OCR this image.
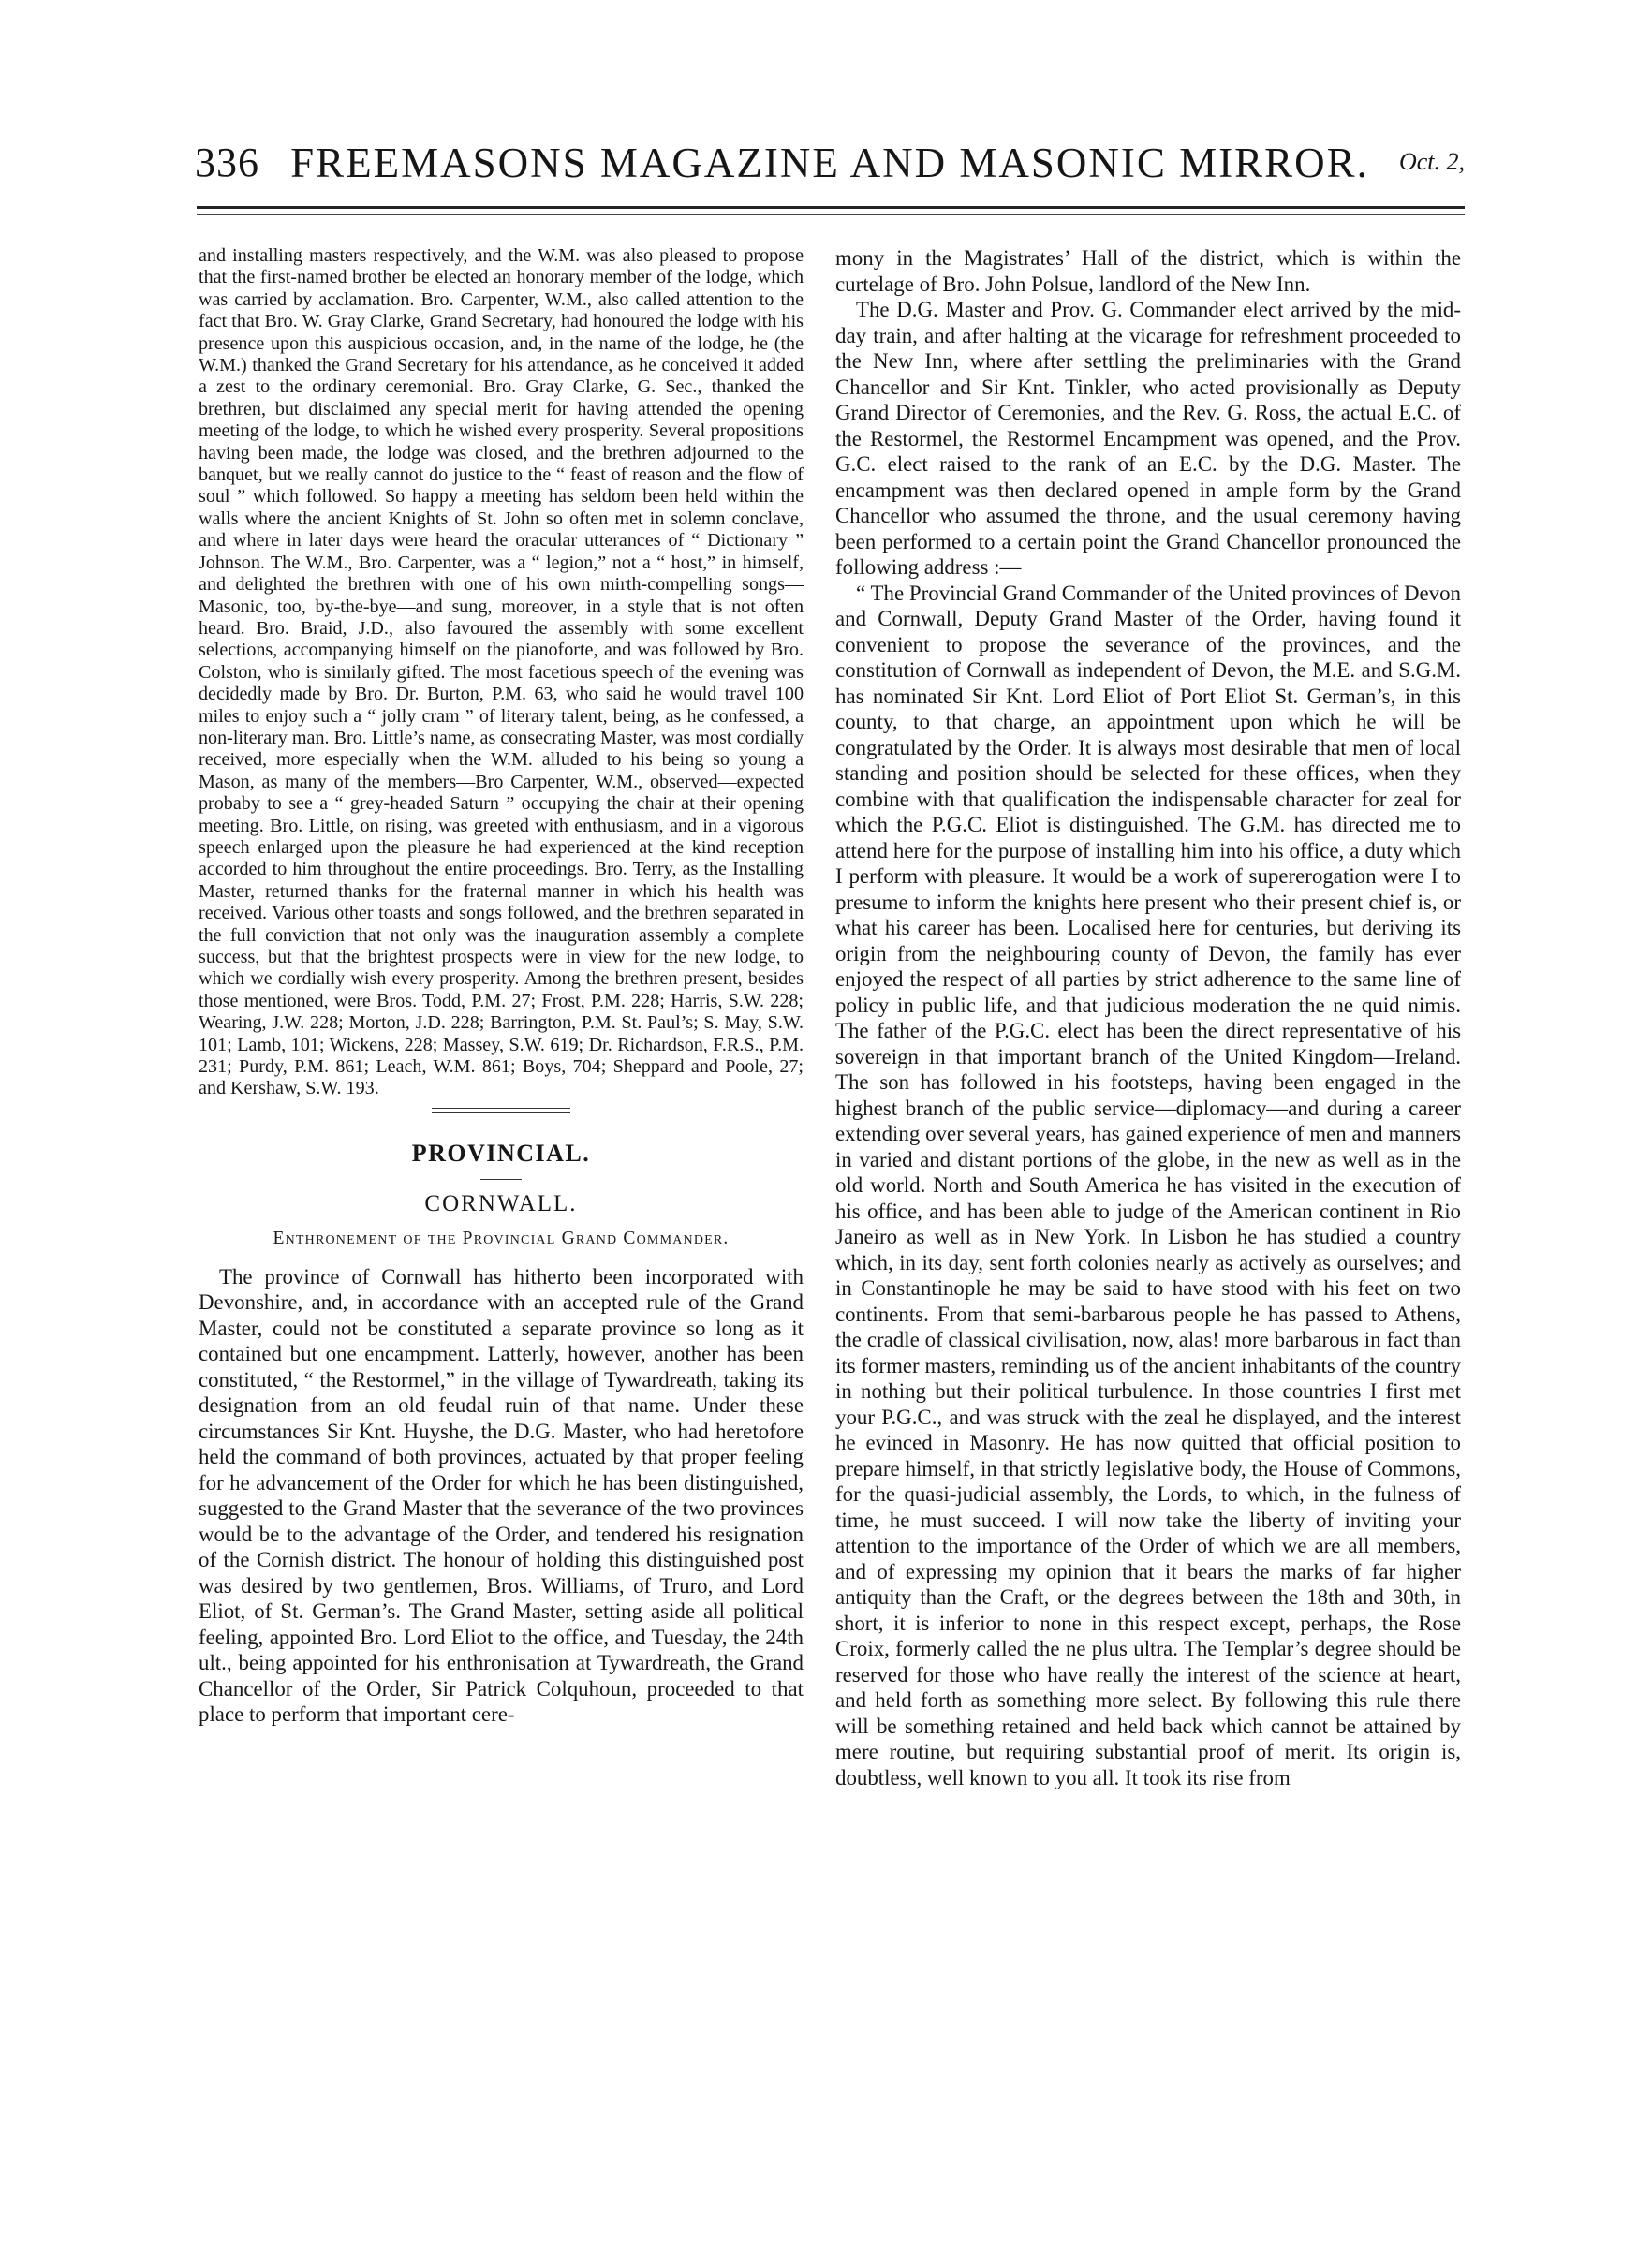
336 FREEMASONS MAGAZINE AND MASONIC MIRROR.	Oct. 2,

and installing masters respectively, and the W.M. was also pleased to propose that the first-named brother be elected an honorary member of the lodge, which was carried by acclamation. Bro. Carpenter, W.M., also called attention to the fact that Bro. W. Gray Clarke, Grand Secretary, had honoured the lodge with his presence upon this auspicious occasion, and, in the name of the lodge, he (the W.M.) thanked the Grand Secretary for his attendance, as he conceived it added a zest to the ordinary ceremonial. Bro. Gray Clarke, G. Sec., thanked the brethren, but disclaimed any special merit for having attended the opening meeting of the lodge, to which he wished every prosperity. Several propositions having been made, the lodge was closed, and the brethren adjourned to the banquet, but we really cannot do justice to the “ feast of reason and the flow of soul ” which followed. So happy a meeting has seldom been held within the walls where the ancient Knights of St. John so often met in solemn conclave, and where in later days were heard the oracular utterances of “ Dictionary ” Johnson. The W.M., Bro. Carpenter, was a “ legion,” not a “ host,” in himself, and delighted the brethren with one of his own mirth-compelling songs—Masonic, too, by-the-bye—and sung, moreover, in a style that is not often heard. Bro. Braid, J.D., also favoured the assembly with some excellent selections, accompanying himself on the pianoforte, and was followed by Bro. Colston, who is similarly gifted. The most facetious speech of the evening was decidedly made by Bro. Dr. Burton, P.M. 63, who said he would travel 100 miles to enjoy such a “ jolly cram ” of literary talent, being, as he confessed, a non-literary man. Bro. Little’s name, as consecrating Master, was most cordially received, more especially when the W.M. alluded to his being so young a Mason, as many of the members—Bro Carpenter, W.M., observed—expected probaby to see a “ grey-headed Saturn ” occupying the chair at their opening meeting. Bro. Little, on rising, was greeted with enthusiasm, and in a vigorous speech enlarged upon the pleasure he had experienced at the kind reception accorded to him throughout the entire proceedings. Bro. Terry, as the Installing Master, returned thanks for the fraternal manner in which his health was received. Various other toasts and songs followed, and the brethren separated in the full conviction that not only was the inauguration assembly a complete success, but that the brightest prospects were in view for the new lodge, to which we cordially wish every prosperity. Among the brethren present, besides those mentioned, were Bros. Todd, P.M. 27; Frost, P.M. 228; Harris, S.W. 228; Wearing, J.W. 228; Morton, J.D. 228; Barrington, P.M. St. Paul’s; S. May, S.W. 101; Lamb, 101; Wickens, 228; Massey, S.W. 619; Dr. Richardson, F.R.S., P.M. 231; Purdy, P.M. 861; Leach, W.M. 861; Boys, 704; Sheppard and Poole, 27; and Kershaw, S.W. 193.

PROVINCIAL.
CORNWALL.
Enthronement of the Provincial Grand Commander.

The province of Cornwall has hitherto been incorporated with Devonshire, and, in accordance with an accepted rule of the Grand Master, could not be constituted a separate province so long as it contained but one encampment. Latterly, however, another has been constituted, “ the Restormel,” in the village of Tywardreath, taking its designation from an old feudal ruin of that name. Under these circumstances Sir Knt. Huyshe, the D.G. Master, who had heretofore held the command of both provinces, actuated by that proper feeling for he advancement of the Order for which he has been distinguished, suggested to the Grand Master that the severance of the two provinces would be to the advantage of the Order, and tendered his resignation of the Cornish district. The honour of holding this distinguished post was desired by two gentlemen, Bros. Williams, of Truro, and Lord Eliot, of St. German’s. The Grand Master, setting aside all political feeling, appointed Bro. Lord Eliot to the office, and Tuesday, the 24th ult., being appointed for his enthronisation at Tywardreath, the Grand Chancellor of the Order, Sir Patrick Colquhoun, proceeded to that place to perform that important cere-

mony in the Magistrates’ Hall of the district, which is within the curtelage of Bro. John Polsue, landlord of the New Inn.

The D.G. Master and Prov. G. Commander elect arrived by the mid-day train, and after halting at the vicarage for refreshment proceeded to the New Inn, where after settling the preliminaries with the Grand Chancellor and Sir Knt. Tinkler, who acted provisionally as Deputy Grand Director of Ceremonies, and the Rev. G. Ross, the actual E.C. of the Restormel, the Restormel Encampment was opened, and the Prov. G.C. elect raised to the rank of an E.C. by the D.G. Master. The encampment was then declared opened in ample form by the Grand Chancellor who assumed the throne, and the usual ceremony having been performed to a certain point the Grand Chancellor pronounced the following address :—

“ The Provincial Grand Commander of the United provinces of Devon and Cornwall, Deputy Grand Master of the Order, having found it convenient to propose the severance of the provinces, and the constitution of Cornwall as independent of Devon, the M.E. and S.G.M. has nominated Sir Knt. Lord Eliot of Port Eliot St. German’s, in this county, to that charge, an appointment upon which he will be congratulated by the Order. It is always most desirable that men of local standing and position should be selected for these offices, when they combine with that qualification the indispensable character for zeal for which the P.G.C. Eliot is distinguished. The G.M. has directed me to attend here for the purpose of installing him into his office, a duty which I perform with pleasure. It would be a work of supererogation were I to presume to inform the knights here present who their present chief is, or what his career has been. Localised here for centuries, but deriving its origin from the neighbouring county of Devon, the family has ever enjoyed the respect of all parties by strict adherence to the same line of policy in public life, and that judicious moderation the ne quid nimis. The father of the P.G.C. elect has been the direct representative of his sovereign in that important branch of the United Kingdom—Ireland. The son has followed in his footsteps, having been engaged in the highest branch of the public service—diplomacy—and during a career extending over several years, has gained experience of men and manners in varied and distant portions of the globe, in the new as well as in the old world. North and South America he has visited in the execution of his office, and has been able to judge of the American continent in Rio Janeiro as well as in New York. In Lisbon he has studied a country which, in its day, sent forth colonies nearly as actively as ourselves; and in Constantinople he may be said to have stood with his feet on two continents. From that semi-barbarous people he has passed to Athens, the cradle of classical civilisation, now, alas! more barbarous in fact than its former masters, reminding us of the ancient inhabitants of the country in nothing but their political turbulence. In those countries I first met your P.G.C., and was struck with the zeal he displayed, and the interest he evinced in Masonry. He has now quitted that official position to prepare himself, in that strictly legislative body, the House of Commons, for the quasi-judicial assembly, the Lords, to which, in the fulness of time, he must succeed. I will now take the liberty of inviting your attention to the importance of the Order of which we are all members, and of expressing my opinion that it bears the marks of far higher antiquity than the Craft, or the degrees between the 18th and 30th, in short, it is inferior to none in this respect except, perhaps, the Rose Croix, formerly called the ne plus ultra. The Templar’s degree should be reserved for those who have really the interest of the science at heart, and held forth as something more select. By following this rule there will be something retained and held back which cannot be attained by mere routine, but requiring substantial proof of merit. Its origin is, doubtless, well known to you all. It took its rise from
